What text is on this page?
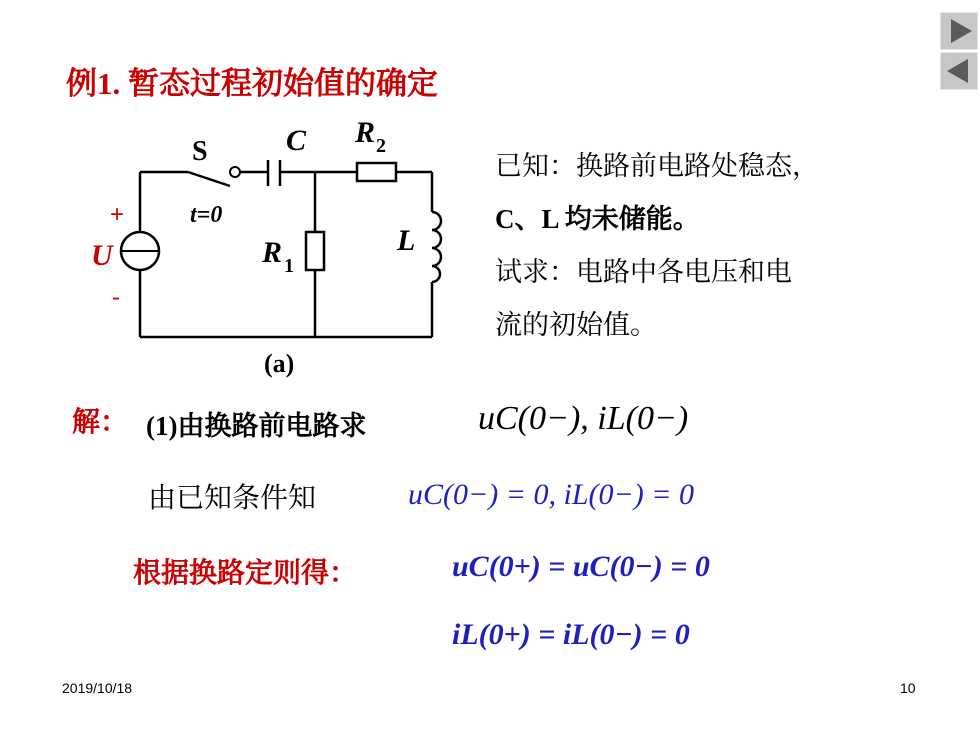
例1. 暂态过程初始值的确定
S
t=0
C R 2
R 1
L
U
+
-
(a)
已知：换路前电路处稳态，
C、L 均未储能。
试求：电路中各电压和电
流的初始值。
解： (1)由换路前电路求	uC(0−), iL(0−)
由已知条件知	uC(0−) = 0, iL(0−) = 0
根据换路定则得：	uC(0+) = uC(0−) = 0
iL(0+) = iL(0−) = 0
2019/10/18	10
